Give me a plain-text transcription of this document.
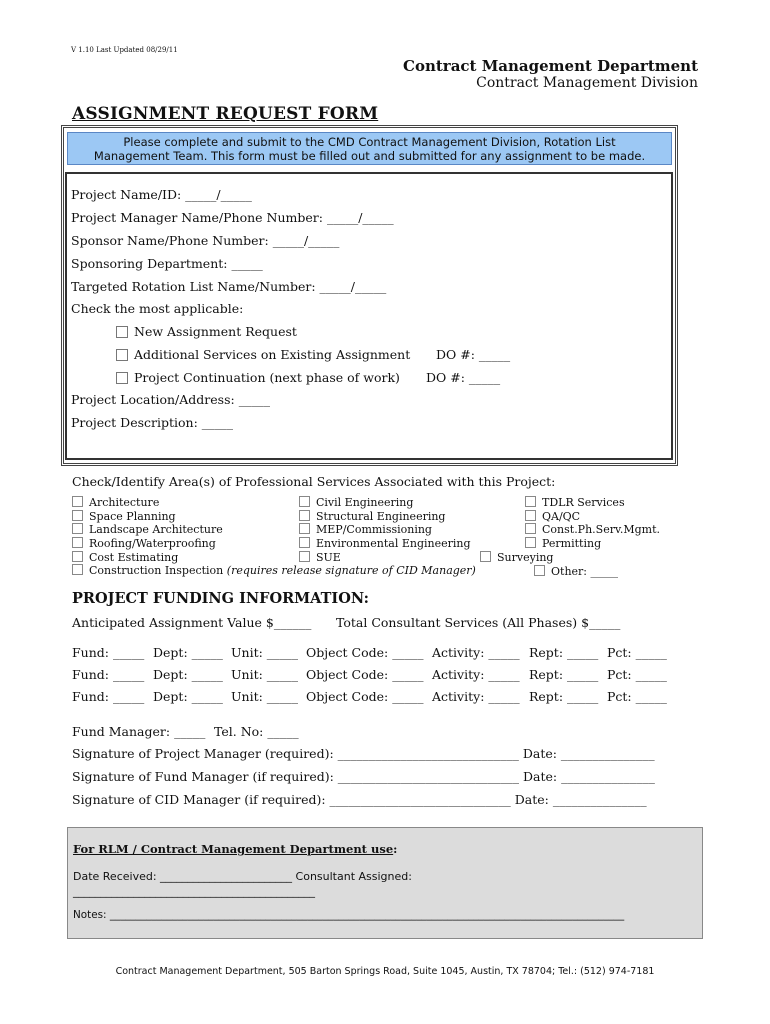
V 1.10 Last Updated 08/29/11
Contract Management Department
Contract Management Division
ASSIGNMENT REQUEST FORM
Please complete and submit to the CMD Contract Management Division, Rotation List
Management Team. This form must be filled out and submitted for any assignment to be made.
Project Name/ID: _____/_____
Project Manager Name/Phone Number: _____/_____
Sponsor Name/Phone Number: _____/_____
Sponsoring Department: _____
Targeted Rotation List Name/Number: _____/_____
Check the most applicable:
New Assignment Request
Additional Services on Existing Assignment DO #: _____
Project Continuation (next phase of work) DO #: _____
Project Location/Address: _____
Project Description: _____
Check/Identify Area(s) of Professional Services Associated with this Project:
Architecture
Space Planning
Landscape Architecture
Roofing/Waterproofing
Cost Estimating
Construction Inspection (requires release signature of CID Manager)
Civil Engineering
Structural Engineering
MEP/Commissioning
Environmental Engineering
SUE
TDLR Services
QA/QC
Const.Ph.Serv.Mgmt.
Permitting
Surveying
Other: _____
PROJECT FUNDING INFORMATION:
Anticipated Assignment Value $______ Total Consultant Services (All Phases) $_____
Fund: _____ Dept: _____ Unit: _____ Object Code: _____ Activity: _____ Rept: _____ Pct: _____
Fund: _____ Dept: _____ Unit: _____ Object Code: _____ Activity: _____ Rept: _____ Pct: _____
Fund: _____ Dept: _____ Unit: _____ Object Code: _____ Activity: _____ Rept: _____ Pct: _____
Fund Manager: _____ Tel. No: _____
Signature of Project Manager (required): _____________________________ Date: _______________
Signature of Fund Manager (if required): _____________________________ Date: _______________
Signature of CID Manager (if required): _____________________________ Date: _______________
For RLM / Contract Management Department use:
Date Received: ________________________ Consultant Assigned:
____________________________________________
Notes: ___________________________________________________________________________________________________
Contract Management Department, 505 Barton Springs Road, Suite 1045, Austin, TX 78704; Tel.: (512) 974-7181
